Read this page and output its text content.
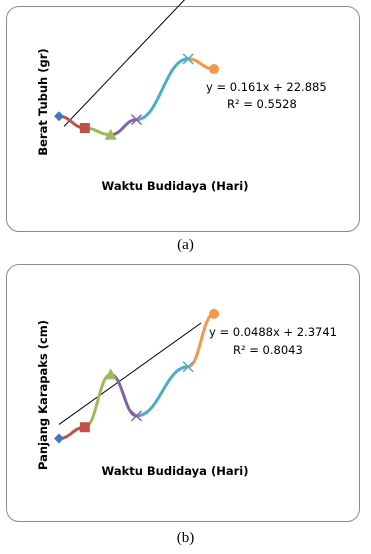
Berat Tubuh (gr)
Waktu Budidaya (Hari)
y = 0.161x + 22.885
R² = 0.5528
(a)
Panjang Karapaks (cm)
Waktu Budidaya (Hari)
y = 0.0488x + 2.3741
R² = 0.8043
(b)
